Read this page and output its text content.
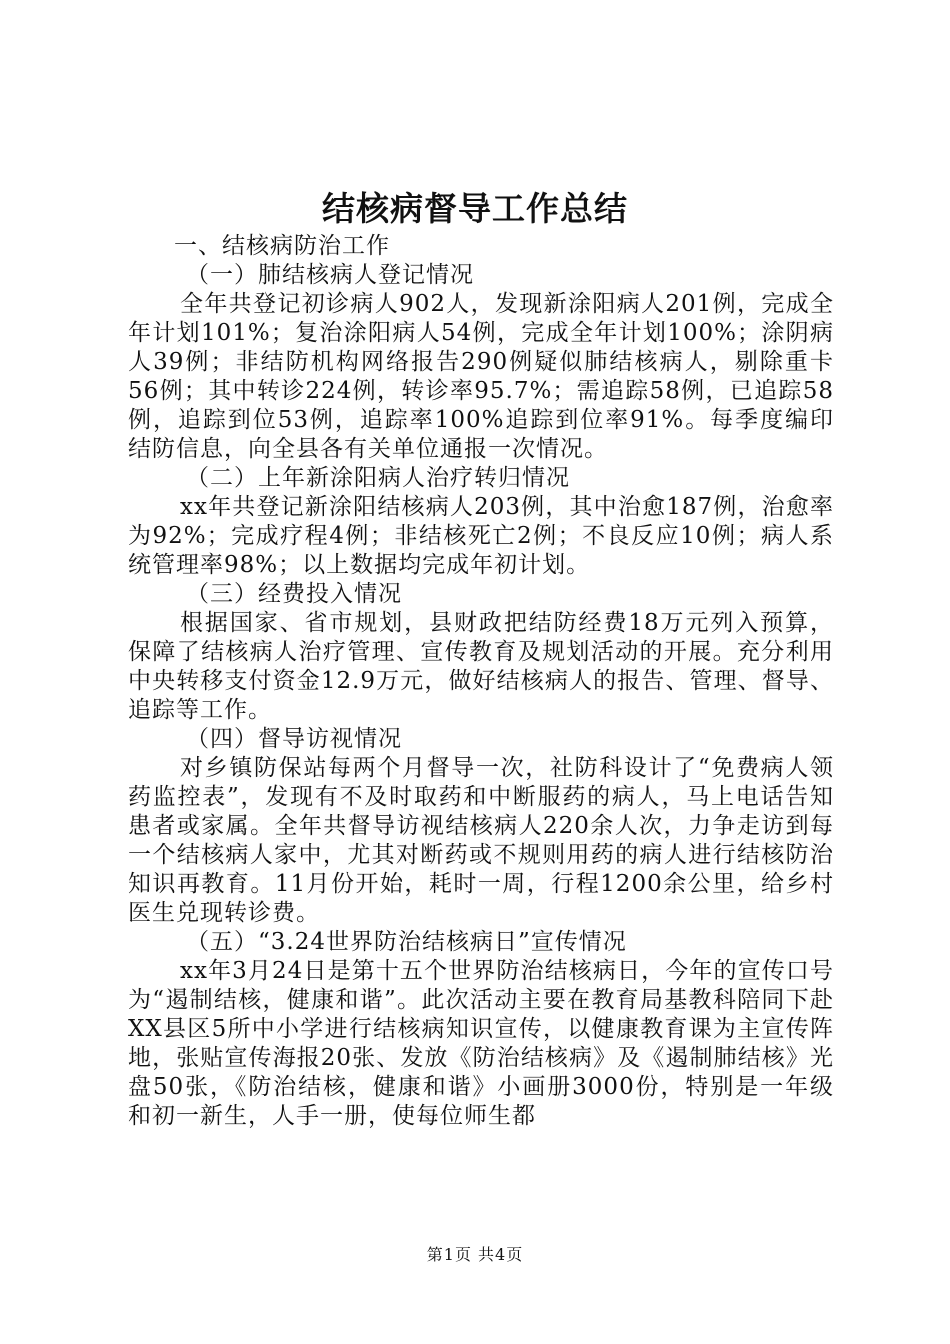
结核病督导工作总结

一、结核病防治工作

（一）肺结核病人登记情况

全年共登记初诊病人902人，发现新涂阳病人201例，完成全年计划101%；复治涂阳病人54例，完成全年计划100%；涂阴病人39例；非结防机构网络报告290例疑似肺结核病人，剔除重卡56例；其中转诊224例，转诊率95.7%；需追踪58例，已追踪58例，追踪到位53例，追踪率100%追踪到位率91%。每季度编印结防信息，向全县各有关单位通报一次情况。

（二）上年新涂阳病人治疗转归情况

xx年共登记新涂阳结核病人203例，其中治愈187例，治愈率为92%；完成疗程4例；非结核死亡2例；不良反应10例；病人系统管理率98%；以上数据均完成年初计划。

（三）经费投入情况

根据国家、省市规划，县财政把结防经费18万元列入预算，保障了结核病人治疗管理、宣传教育及规划活动的开展。充分利用中央转移支付资金12.9万元，做好结核病人的报告、管理、督导、追踪等工作。

（四）督导访视情况

对乡镇防保站每两个月督导一次，社防科设计了“免费病人领药监控表”，发现有不及时取药和中断服药的病人，马上电话告知患者或家属。全年共督导访视结核病人220余人次，力争走访到每一个结核病人家中，尤其对断药或不规则用药的病人进行结核防治知识再教育。11月份开始，耗时一周，行程1200余公里，给乡村医生兑现转诊费。

（五）“3.24世界防治结核病日”宣传情况

xx年3月24日是第十五个世界防治结核病日，今年的宣传口号为“遏制结核，健康和谐”。此次活动主要在教育局基教科陪同下赴XX县区5所中小学进行结核病知识宣传，以健康教育课为主宣传阵地，张贴宣传海报20张、发放《防治结核病》及《遏制肺结核》光盘50张，《防治结核，健康和谐》小画册3000份，特别是一年级和初一新生，人手一册，使每位师生都

第1页 共4页
